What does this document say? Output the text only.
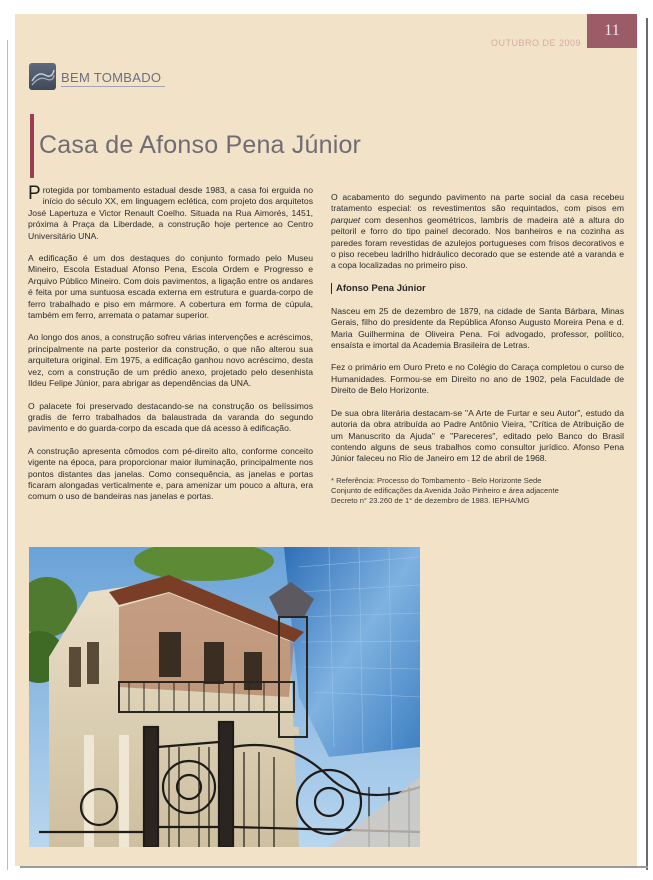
OUTUBRO DE 2009
11
BEM TOMBADO
Casa de Afonso Pena Júnior

Protegida por tombamento estadual desde 1983, a casa foi erguida no início do século XX, em linguagem eclética, com projeto dos arquitetos José Lapertuza e Victor Renault Coelho. Situada na Rua Aimorés, 1451, próxima à Praça da Liberdade, a construção hoje pertence ao Centro Universitário UNA.

A edificação é um dos destaques do conjunto formado pelo Museu Mineiro, Escola Estadual Afonso Pena, Escola Ordem e Progresso e Arquivo Público Mineiro. Com dois pavimentos, a ligação entre os andares é feita por uma suntuosa escada externa em estrutura e guarda-corpo de ferro trabalhado e piso em mármore. A cobertura em forma de cúpula, também em ferro, arremata o patamar superior.

Ao longo dos anos, a construção sofreu várias intervenções e acréscimos, principalmente na parte posterior da construção, o que não alterou sua arquitetura original. Em 1975, a edificação ganhou novo acréscimo, desta vez, com a construção de um prédio anexo, projetado pelo desenhista Ildeu Felipe Júnior, para abrigar as dependências da UNA.

O palacete foi preservado destacando-se na construção os belíssimos gradis de ferro trabalhados da balaustrada da varanda do segundo pavimento e do guarda-corpo da escada que dá acesso à edificação.

A construção apresenta cômodos com pé-direito alto, conforme conceito vigente na época, para proporcionar maior iluminação, principalmente nos pontos distantes das janelas. Como consequência, as janelas e portas ficaram alongadas verticalmente e, para amenizar um pouco a altura, era comum o uso de bandeiras nas janelas e portas.

O acabamento do segundo pavimento na parte social da casa recebeu tratamento especial: os revestimentos são requintados, com pisos em parquet com desenhos geométricos, lambris de madeira até a altura do peitoril e forro do tipo painel decorado. Nos banheiros e na cozinha as paredes foram revestidas de azulejos portugueses com frisos decorativos e o piso recebeu ladrilho hidráulico decorado que se estende até a varanda e a copa localizadas no primeiro piso.

Afonso Pena Júnior

Nasceu em 25 de dezembro de 1879, na cidade de Santa Bárbara, Minas Gerais, filho do presidente da República Afonso Augusto Moreira Pena e d. Maria Guilhermina de Oliveira Pena. Foi advogado, professor, político, ensaísta e imortal da Academia Brasileira de Letras.

Fez o primário em Ouro Preto e no Colégio do Caraça completou o curso de Humanidades. Formou-se em Direito no ano de 1902, pela Faculdade de Direito de Belo Horizonte.

De sua obra literária destacam-se "A Arte de Furtar e seu Autor", estudo da autoria da obra atribuída ao Padre Antônio Vieira, "Crítica de Atribuição de um Manuscrito da Ajuda" e "Pareceres", editado pelo Banco do Brasil contendo alguns de seus trabalhos como consultor jurídico. Afonso Pena Júnior faleceu no Rio de Janeiro em 12 de abril de 1968.

* Referência: Processo do Tombamento - Belo Horizonte Sede
Conjunto de edificações da Avenida João Pinheiro e área adjacente
Decreto n° 23.260 de 1° de dezembro de 1983. IEPHA/MG
